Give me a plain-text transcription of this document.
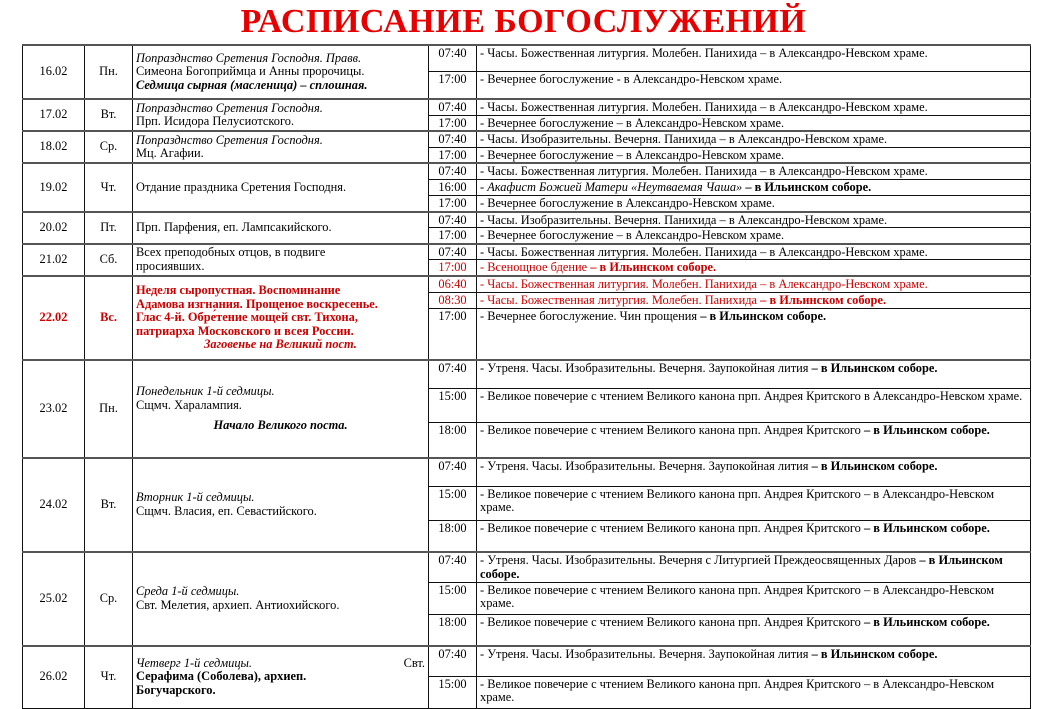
РАСПИСАНИЕ БОГОСЛУЖЕНИЙ
16.02	Пн.	Попразднство Сретения Господня. Правв.
Симеона Богоприймца и Анны пророчицы.
Седмица сырная (масленица) – сплошная.	07:40	- Часы. Божественная литургия. Молебен. Панихида – в Александро-Невском храме.
			17:00	- Вечернее богослужение - в Александро-Невском храме.
17.02	Вт.	Попразднство Сретения Господня.
Прп. Исидора Пелусиотского.	07:40	- Часы. Божественная литургия. Молебен. Панихида – в Александро-Невском храме.
			17:00	- Вечернее богослужение – в Александро-Невском храме.
18.02	Ср.	Попразднство Сретения Господня.
Мц. Агафии.	07:40	- Часы. Изобразительны. Вечерня. Панихида – в Александро-Невском храме.
			17:00	- Вечернее богослужение – в Александро-Невском храме.
19.02	Чт.	Отдание праздника Сретения Господня.	07:40	- Часы. Божественная литургия. Молебен. Панихида – в Александро-Невском храме.
			16:00	- Акафист Божией Матери «Неутваемая Чаша» – в Ильинском соборе.
			17:00	- Вечернее богослужение в Александро-Невском храме.
20.02	Пт.	Прп. Парфения, еп. Лампсакийского.	07:40	- Часы. Изобразительны. Вечерня. Панихида – в Александро-Невском храме.
			17:00	- Вечернее богослужение – в Александро-Невском храме.
21.02	Сб.	Всех преподобных отцов, в подвиге
просиявших.	07:40	- Часы. Божественная литургия. Молебен. Панихида – в Александро-Невском храме.
			17:00	- Всенощное бдение – в Ильинском соборе.
22.02	Вс.	Неделя сыропустная. Воспоминание
Адамова изгнания. Прощеное воскресенье.
Глас 4-й. Обре́тение мощей свт. Тихона,
патриарха Московского и всея России.
Заговенье на Великий пост.	06:40	- Часы. Божественная литургия. Молебен. Панихида – в Александро-Невском храме.
			08:30	- Часы. Божественная литургия. Молебен. Панихида – в Ильинском соборе.
			17:00	- Вечернее богослужение. Чин прощения – в Ильинском соборе.
23.02	Пн.	Понедельник 1-й седмицы.
Сщмч. Харалампия.
Начало Великого поста.	07:40	- Утреня. Часы. Изобразительны. Вечерня. Заупокойная лития – в Ильинском соборе.
			15:00	- Великое повечерие с чтением Великого канона прп. Андрея Критского в Александро-Невском храме.
			18:00	- Великое повечерие с чтением Великого канона прп. Андрея Критского – в Ильинском соборе.
24.02	Вт.	Вторник 1-й седмицы.
Сщмч. Власия, еп. Севастийского.	07:40	- Утреня. Часы. Изобразительны. Вечерня. Заупокойная лития – в Ильинском соборе.
			15:00	- Великое повечерие с чтением Великого канона прп. Андрея Критского – в Александро-Невском храме.
			18:00	- Великое повечерие с чтением Великого канона прп. Андрея Критского – в Ильинском соборе.
25.02	Ср.	Среда 1-й седмицы.
Свт. Мелетия, архиеп. Антиохийского.	07:40	- Утреня. Часы. Изобразительны. Вечерня с Литургией Преждеосвященных Даров – в Ильинском соборе.
			15:00	- Великое повечерие с чтением Великого канона прп. Андрея Критского – в Александро-Невском храме.
			18:00	- Великое повечерие с чтением Великого канона прп. Андрея Критского – в Ильинском соборе.
26.02	Чт.	Свт.
Четверг 1-й седмицы.
Серафима (Соболева), архиеп.
Богучарского.	07:40	- Утреня. Часы. Изобразительны. Вечерня. Заупокойная лития – в Ильинском соборе.
			15:00	- Великое повечерие с чтением Великого канона прп. Андрея Критского – в Александро-Невском храме.
